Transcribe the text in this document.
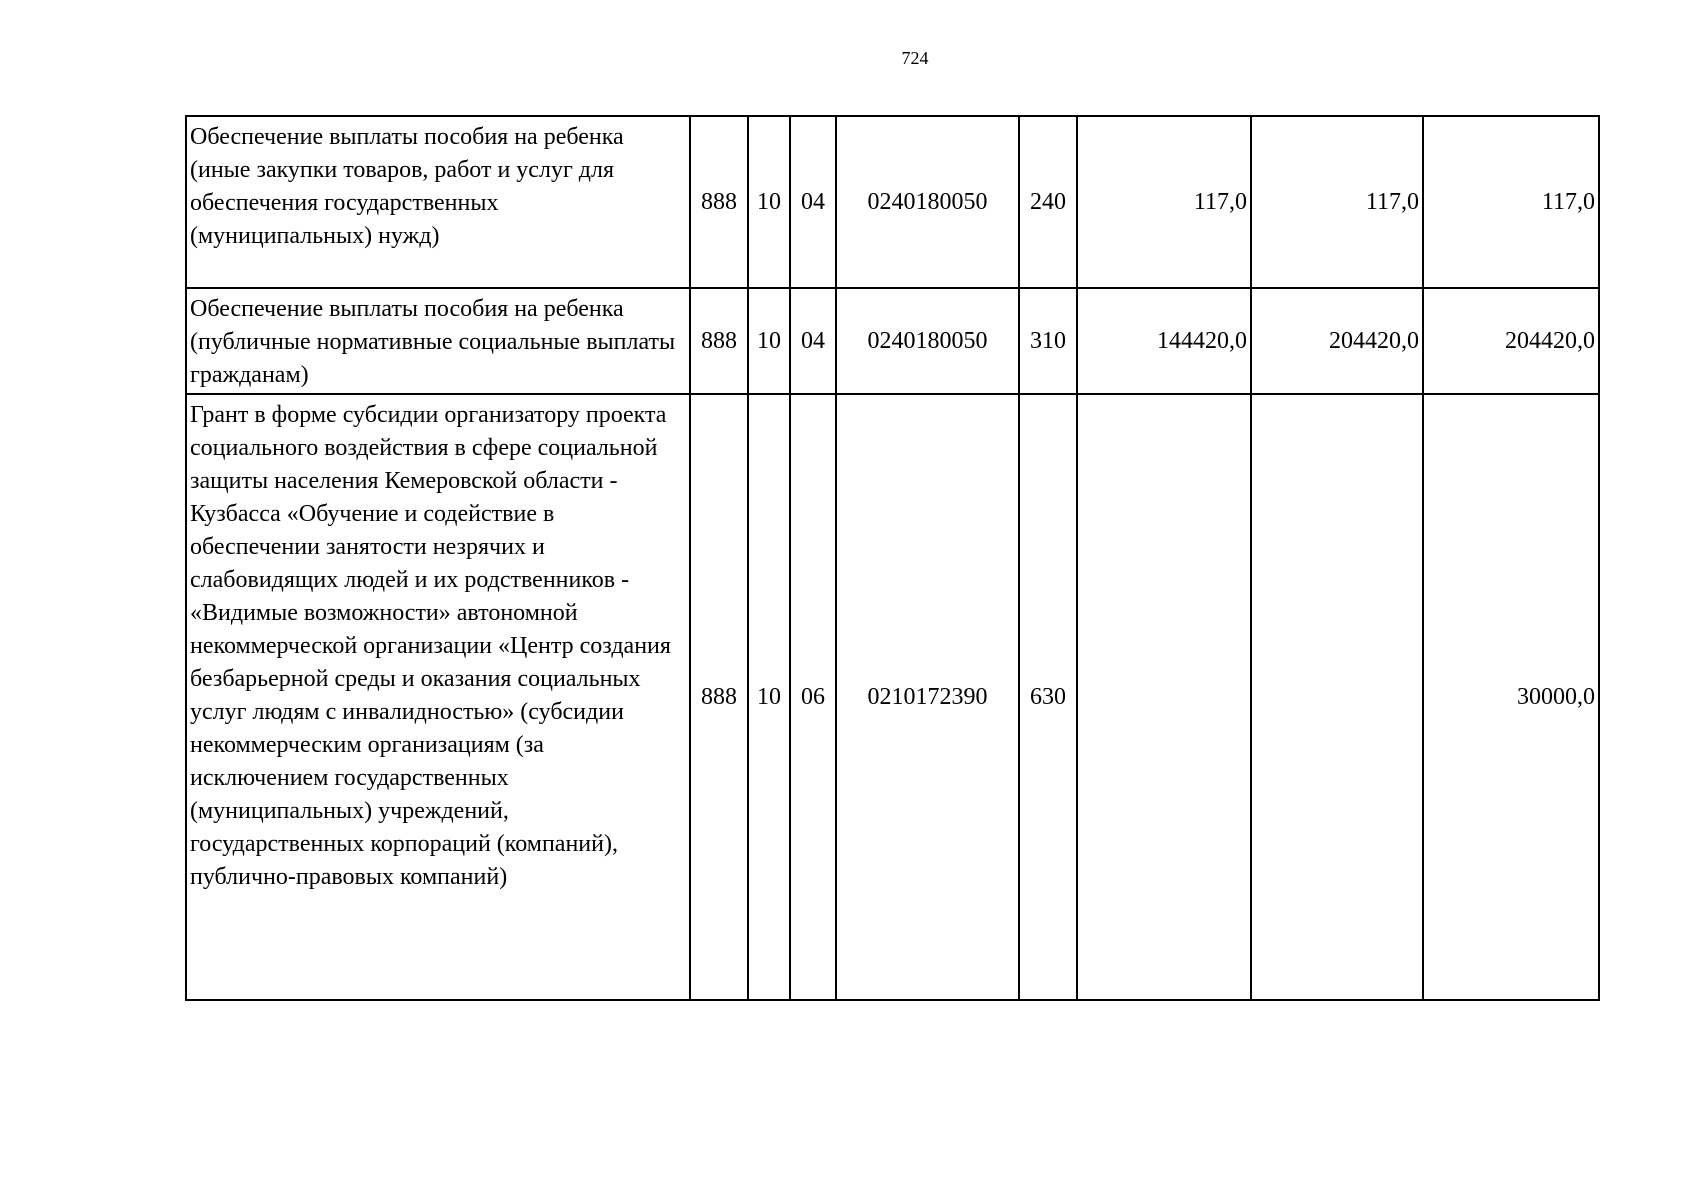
724
Обеспечение выплаты пособия на ребенка (иные закупки товаров, работ и услуг для обеспечения государственных (муниципальных) нужд)	888	10	04	0240180050	240	117,0	117,0	117,0
Обеспечение выплаты пособия на ребенка (публичные нормативные социальные выплаты гражданам)	888	10	04	0240180050	310	144420,0	204420,0	204420,0
Грант в форме субсидии организатору проекта социального воздействия в сфере социальной защиты населения Кемеровской области - Кузбасса «Обучение и содействие в обеспечении занятости незрячих и слабовидящих людей и их родственников - «Видимые возможности» автономной некоммерческой организации «Центр создания безбарьерной среды и оказания социальных услуг людям с инвалидностью» (субсидии некоммерческим организациям (за исключением государственных (муниципальных) учреждений, государственных корпораций (компаний), публично-правовых компаний)	888	10	06	0210172390	630			30000,0
